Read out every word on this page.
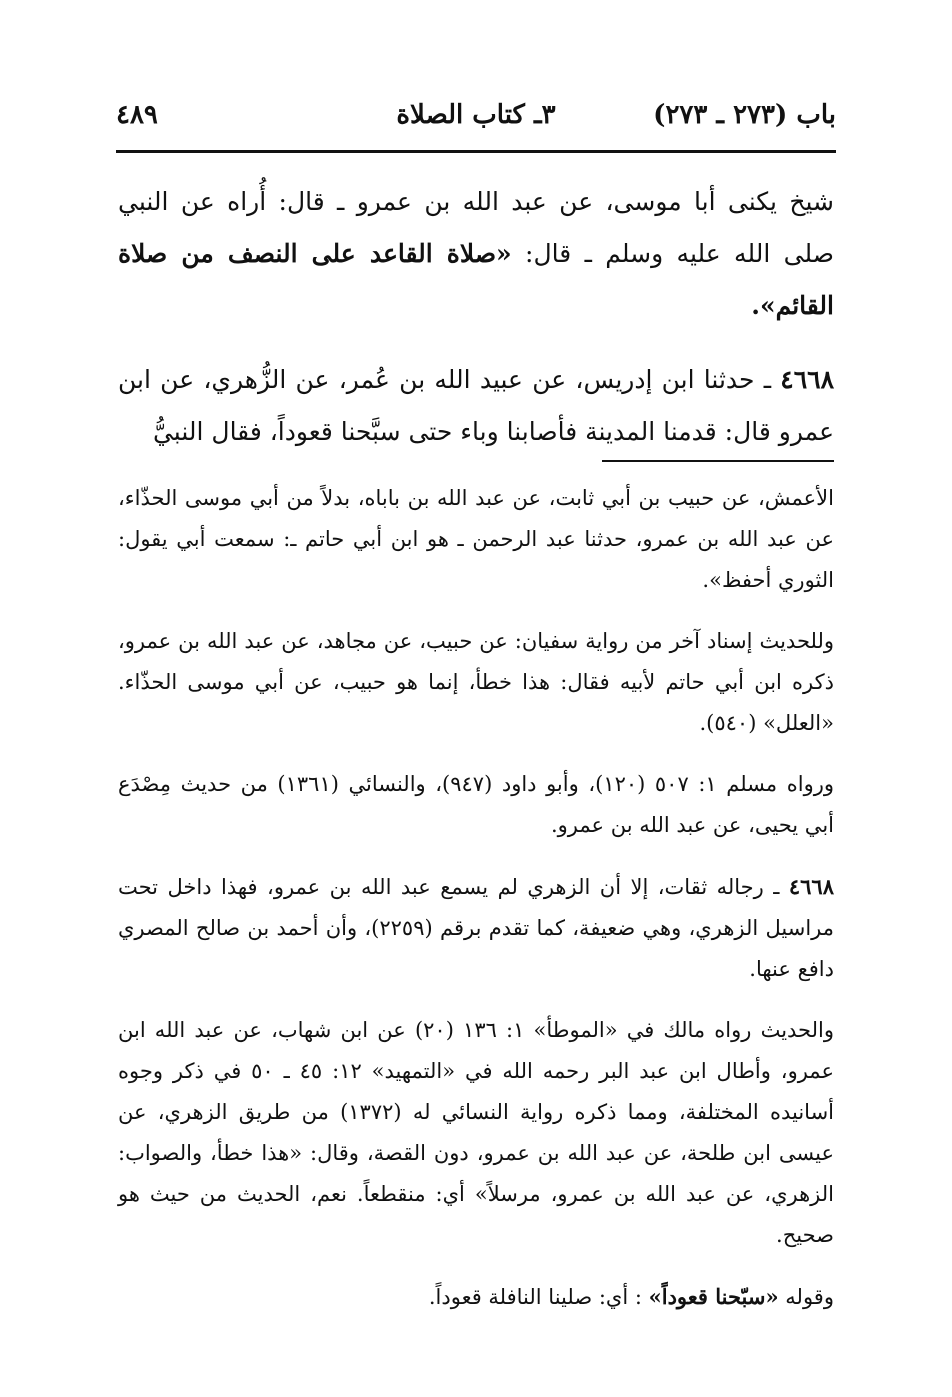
باب (٢٧٣ ـ ٢٧٣)
٣ـ كتاب الصلاة
٤٨٩

شيخ يكنى أبا موسى، عن عبد الله بن عمرو ـ قال: أُراه عن النبي صلى الله عليه وسلم ـ قال: «صلاة القاعد على النصف من صلاة القائم».

٤٦٦٨ ـ حدثنا ابن إدريس، عن عبيد الله بن عُمر، عن الزُّهري، عن ابن عمرو قال: قدمنا المدينة فأصابنا وباء حتى سبَّحنا قعوداً، فقال النبيُّ

الأعمش، عن حبيب بن أبي ثابت، عن عبد الله بن باباه، بدلاً من أبي موسى الحذّاء، عن عبد الله بن عمرو، حدثنا عبد الرحمن ـ هو ابن أبي حاتم ـ: سمعت أبي يقول: الثوري أحفظ».

وللحديث إسناد آخر من رواية سفيان: عن حبيب، عن مجاهد، عن عبد الله بن عمرو، ذكره ابن أبي حاتم لأبيه فقال: هذا خطأ، إنما هو حبيب، عن أبي موسى الحذّاء. «العلل» (٥٤٠).

ورواه مسلم ١: ٥٠٧ (١٢٠)، وأبو داود (٩٤٧)، والنسائي (١٣٦١) من حديث مِصْدَع أبي يحيى، عن عبد الله بن عمرو.

٤٦٦٨ ـ رجاله ثقات، إلا أن الزهري لم يسمع عبد الله بن عمرو، فهذا داخل تحت مراسيل الزهري، وهي ضعيفة، كما تقدم برقم (٢٢٥٩)، وأن أحمد بن صالح المصري دافع عنها.

والحديث رواه مالك في «الموطأ» ١: ١٣٦ (٢٠) عن ابن شهاب، عن عبد الله ابن عمرو، وأطال ابن عبد البر رحمه الله في «التمهيد» ١٢: ٤٥ ـ ٥٠ في ذكر وجوه أسانيده المختلفة، ومما ذكره رواية النسائي له (١٣٧٢) من طريق الزهري، عن عيسى ابن طلحة، عن عبد الله بن عمرو، دون القصة، وقال: «هذا خطأ، والصواب: الزهري، عن عبد الله بن عمرو، مرسلاً» أي: منقطعاً. نعم، الحديث من حيث هو صحيح.

وقوله «سبّحنا قعوداً» : أي: صلينا النافلة قعوداً.
